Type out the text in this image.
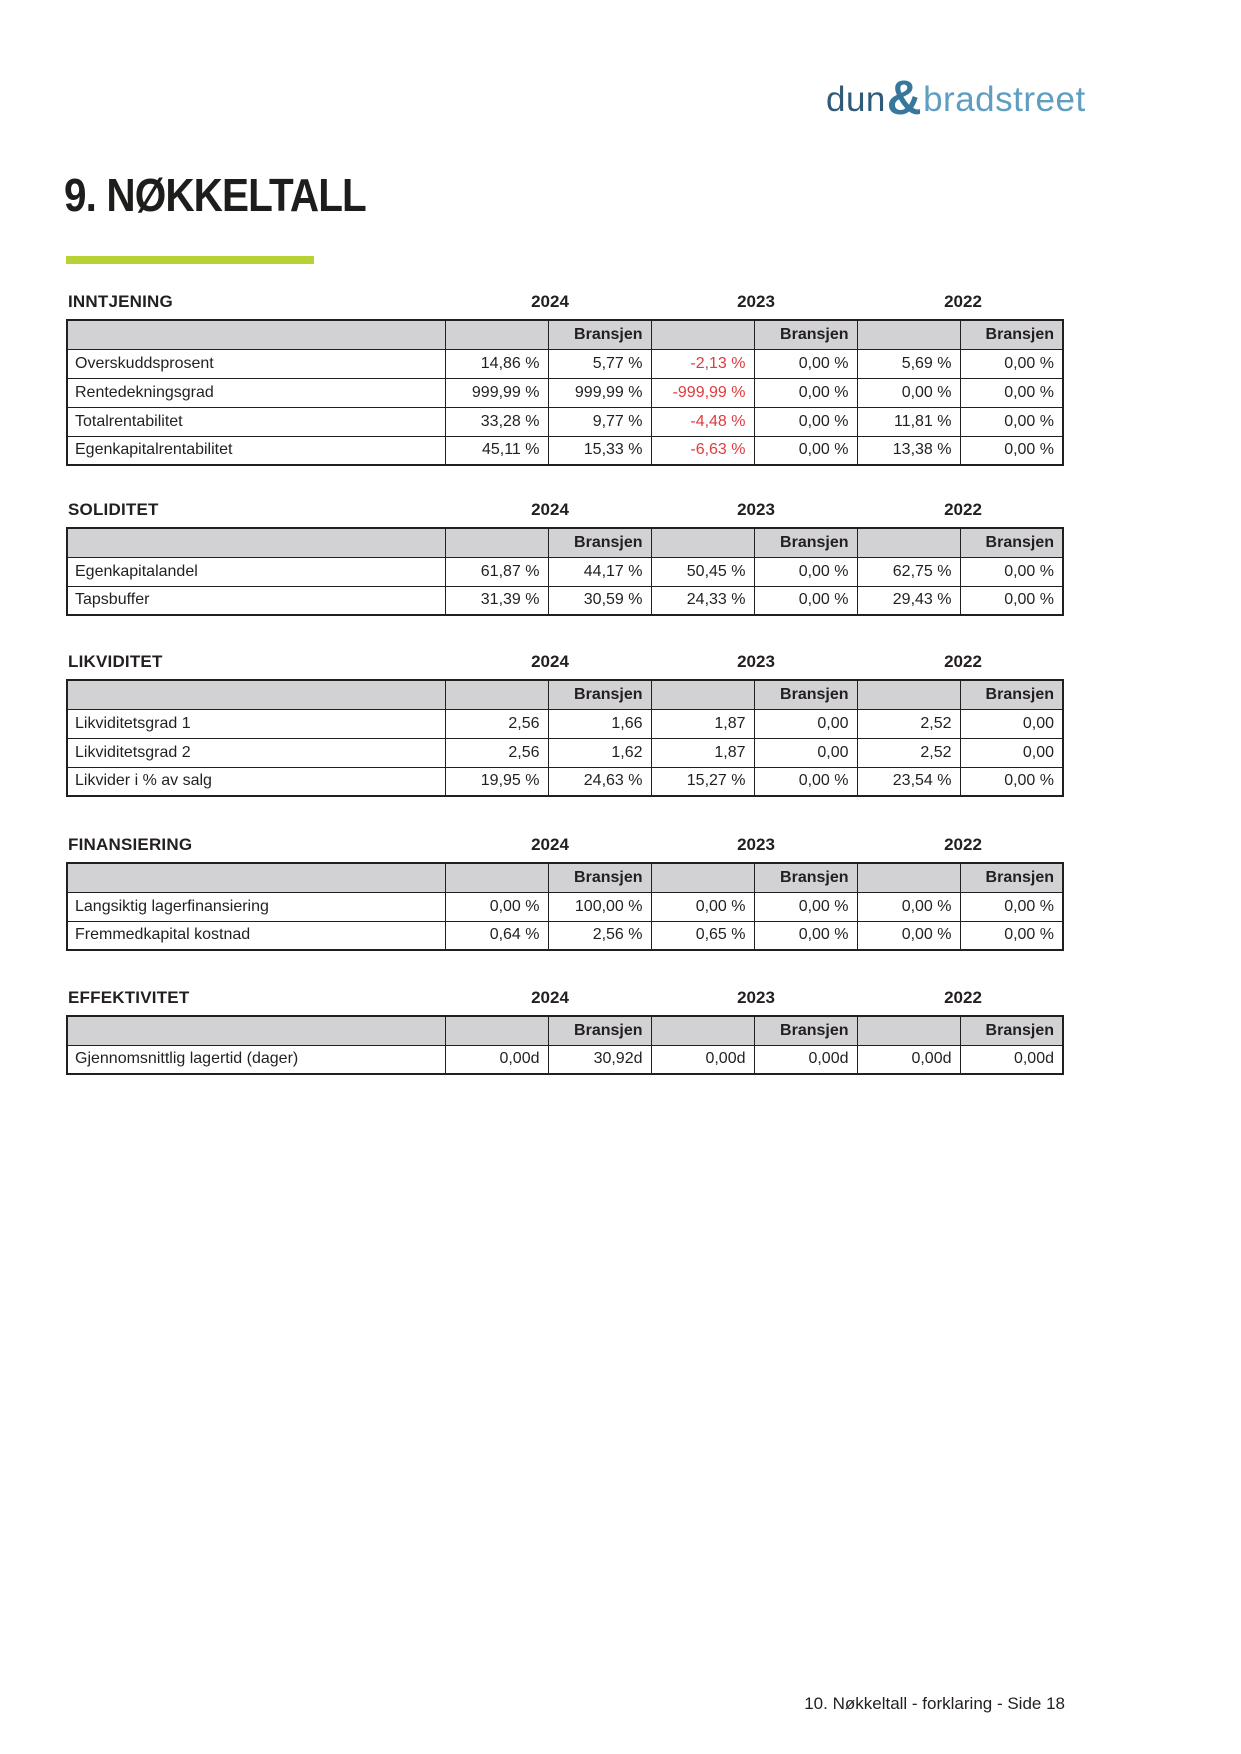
dun&bradstreet
9. NØKKELTALL
INNTJENING	2024	2023	2022
		Bransjen		Bransjen		Bransjen
Overskuddsprosent	14,86 %	5,77 %	-2,13 %	0,00 %	5,69 %	0,00 %
Rentedekningsgrad	999,99 %	999,99 %	-999,99 %	0,00 %	0,00 %	0,00 %
Totalrentabilitet	33,28 %	9,77 %	-4,48 %	0,00 %	11,81 %	0,00 %
Egenkapitalrentabilitet	45,11 %	15,33 %	-6,63 %	0,00 %	13,38 %	0,00 %
SOLIDITET	2024	2023	2022
		Bransjen		Bransjen		Bransjen
Egenkapitalandel	61,87 %	44,17 %	50,45 %	0,00 %	62,75 %	0,00 %
Tapsbuffer	31,39 %	30,59 %	24,33 %	0,00 %	29,43 %	0,00 %
LIKVIDITET	2024	2023	2022
		Bransjen		Bransjen		Bransjen
Likviditetsgrad 1	2,56	1,66	1,87	0,00	2,52	0,00
Likviditetsgrad 2	2,56	1,62	1,87	0,00	2,52	0,00
Likvider i % av salg	19,95 %	24,63 %	15,27 %	0,00 %	23,54 %	0,00 %
FINANSIERING	2024	2023	2022
		Bransjen		Bransjen		Bransjen
Langsiktig lagerfinansiering	0,00 %	100,00 %	0,00 %	0,00 %	0,00 %	0,00 %
Fremmedkapital kostnad	0,64 %	2,56 %	0,65 %	0,00 %	0,00 %	0,00 %
EFFEKTIVITET	2024	2023	2022
		Bransjen		Bransjen		Bransjen
Gjennomsnittlig lagertid (dager)	0,00d	30,92d	0,00d	0,00d	0,00d	0,00d
10. Nøkkeltall - forklaring - Side 18
